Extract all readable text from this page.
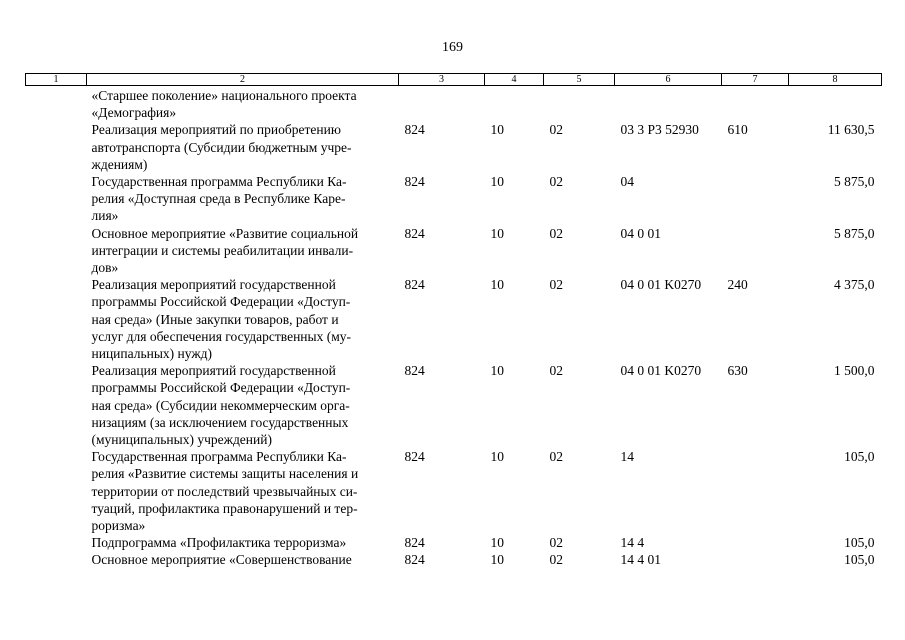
169
1	2	3	4	5	6	7	8
	«Старшее поколение» национального проекта
«Демография»						
	Реализация мероприятий по приобретению
автотранспорта (Субсидии бюджетным учре-
ждениям)	824	10	02	03 3 P3 52930	610	11 630,5
	Государственная программа Республики Ка-
релия «Доступная среда в Республике Каре-
лия»	824	10	02	04		5 875,0
	Основное мероприятие «Развитие социальной
интеграции и системы реабилитации инвали-
дов»	824	10	02	04 0 01		5 875,0
	Реализация мероприятий государственной
программы Российской Федерации «Доступ-
ная среда» (Иные закупки товаров, работ и
услуг для обеспечения государственных (му-
ниципальных) нужд)	824	10	02	04 0 01 K0270	240	4 375,0
	Реализация мероприятий государственной
программы Российской Федерации «Доступ-
ная среда» (Субсидии некоммерческим орга-
низациям (за исключением государственных
(муниципальных) учреждений)	824	10	02	04 0 01 K0270	630	1 500,0
	Государственная программа Республики Ка-
релия «Развитие системы защиты населения и
территории от последствий чрезвычайных си-
туаций, профилактика правонарушений и тер-
роризма»	824	10	02	14		105,0
	Подпрограмма «Профилактика терроризма»	824	10	02	14 4		105,0
	Основное мероприятие «Совершенствование	824	10	02	14 4 01		105,0
